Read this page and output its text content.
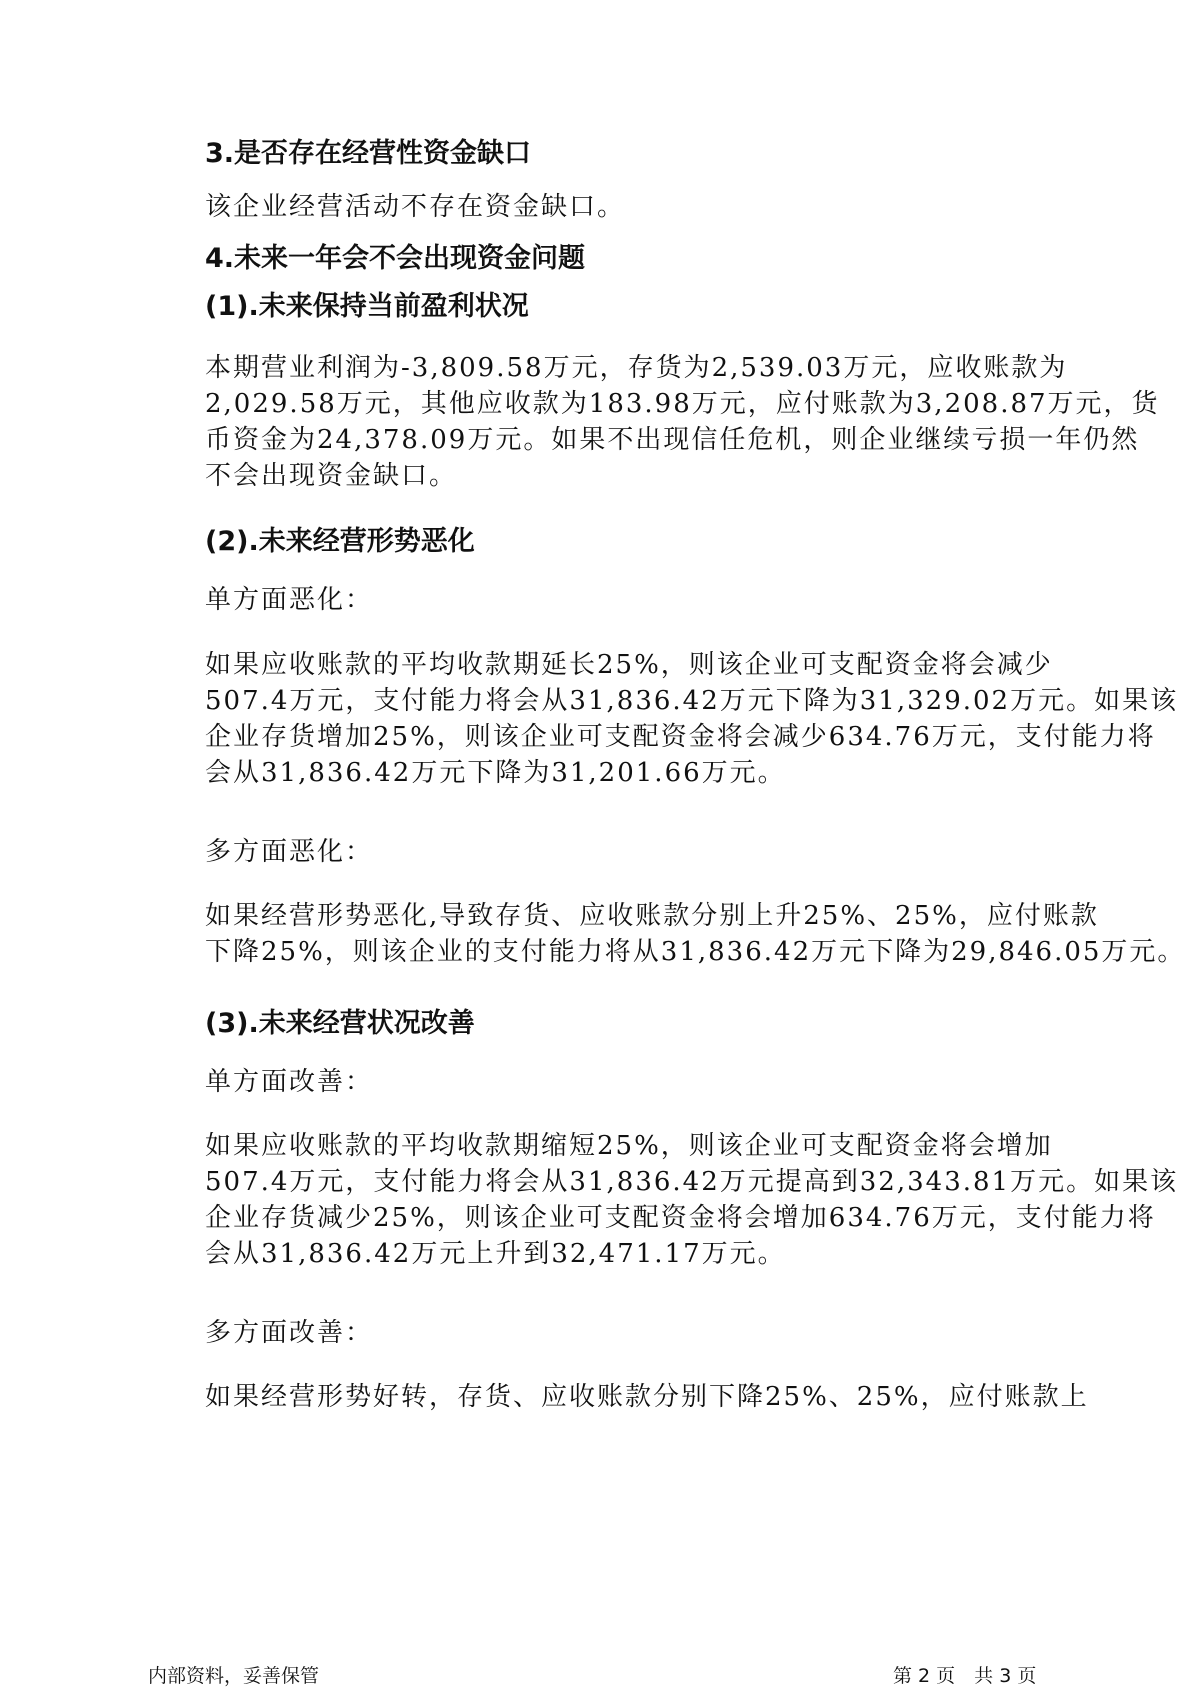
3.是否存在经营性资金缺口
该企业经营活动不存在资金缺口。
4.未来一年会不会出现资金问题
(1).未来保持当前盈利状况
本期营业利润为-3,809.58万元，存货为2,539.03万元，应收账款为
2,029.58万元，其他应收款为183.98万元，应付账款为3,208.87万元，货
币资金为24,378.09万元。如果不出现信任危机，则企业继续亏损一年仍然
不会出现资金缺口。
(2).未来经营形势恶化
单方面恶化：
如果应收账款的平均收款期延长25%，则该企业可支配资金将会减少
507.4万元，支付能力将会从31,836.42万元下降为31,329.02万元。如果该
企业存货增加25%，则该企业可支配资金将会减少634.76万元，支付能力将
会从31,836.42万元下降为31,201.66万元。
多方面恶化：
如果经营形势恶化,导致存货、应收账款分别上升25%、25%，应付账款
下降25%，则该企业的支付能力将从31,836.42万元下降为29,846.05万元。
(3).未来经营状况改善
单方面改善：
如果应收账款的平均收款期缩短25%，则该企业可支配资金将会增加
507.4万元，支付能力将会从31,836.42万元提高到32,343.81万元。如果该
企业存货减少25%，则该企业可支配资金将会增加634.76万元，支付能力将
会从31,836.42万元上升到32,471.17万元。
多方面改善：
如果经营形势好转，存货、应收账款分别下降25%、25%，应付账款上
内部资料，妥善保管	第 2 页　共 3 页
